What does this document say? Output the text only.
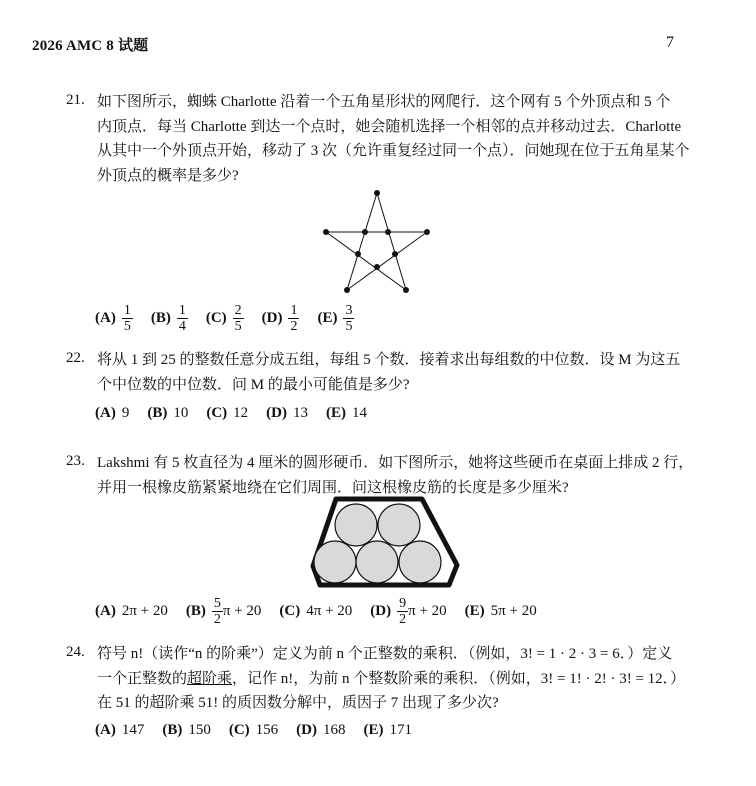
2026 AMC 8 试题	7
21. 如下图所示，蜘蛛 Charlotte 沿着一个五角星形状的网爬行．这个网有 5 个外顶点和 5 个
内顶点．每当 Charlotte 到达一个点时，她会随机选择一个相邻的点并移动过去．Charlotte
从其中一个外顶点开始，移动了 3 次（允许重复经过同一个点）．问她现在位于五角星某个
外顶点的概率是多少?
$(A) \frac{1}{5} (B) \frac{1}{4} (C) \frac{2}{5} (D) \frac{1}{2} (E) \frac{3}{5}$
22. 将从 1 到 25 的整数任意分成五组，每组 5 个数．接着求出每组数的中位数．设 M 为这五
个中位数的中位数．问 M 的最小可能值是多少?
(A) 9 (B) 10 (C) 12 (D) 13 (E) 14
23. Lakshmi 有 5 枚直径为 4 厘米的圆形硬币．如下图所示，她将这些硬币在桌面上排成 2 行，
并用一根橡皮筋紧紧地绕在它们周围．问这根橡皮筋的长度是多少厘米?
(A) 2π + 20 $(B) \frac{5}{2}$ π + 20 (C) 4π + 20 $(D) \frac{9}{2}$ π + 20 (E) 5π + 20
24. 符号 n!（读作“n 的阶乘”）定义为前 n 个正整数的乘积．（例如，3! = 1 · 2 · 3 = 6．）定义
一个正整数的超阶乘，记作 n!，为前 n 个整数阶乘的乘积．（例如，3! = 1! · 2! · 3! = 12．）
在 51 的超阶乘 51! 的质因数分解中，质因子 7 出现了多少次?
(A) 147 (B) 150 (C) 156 (D) 168 (E) 171
